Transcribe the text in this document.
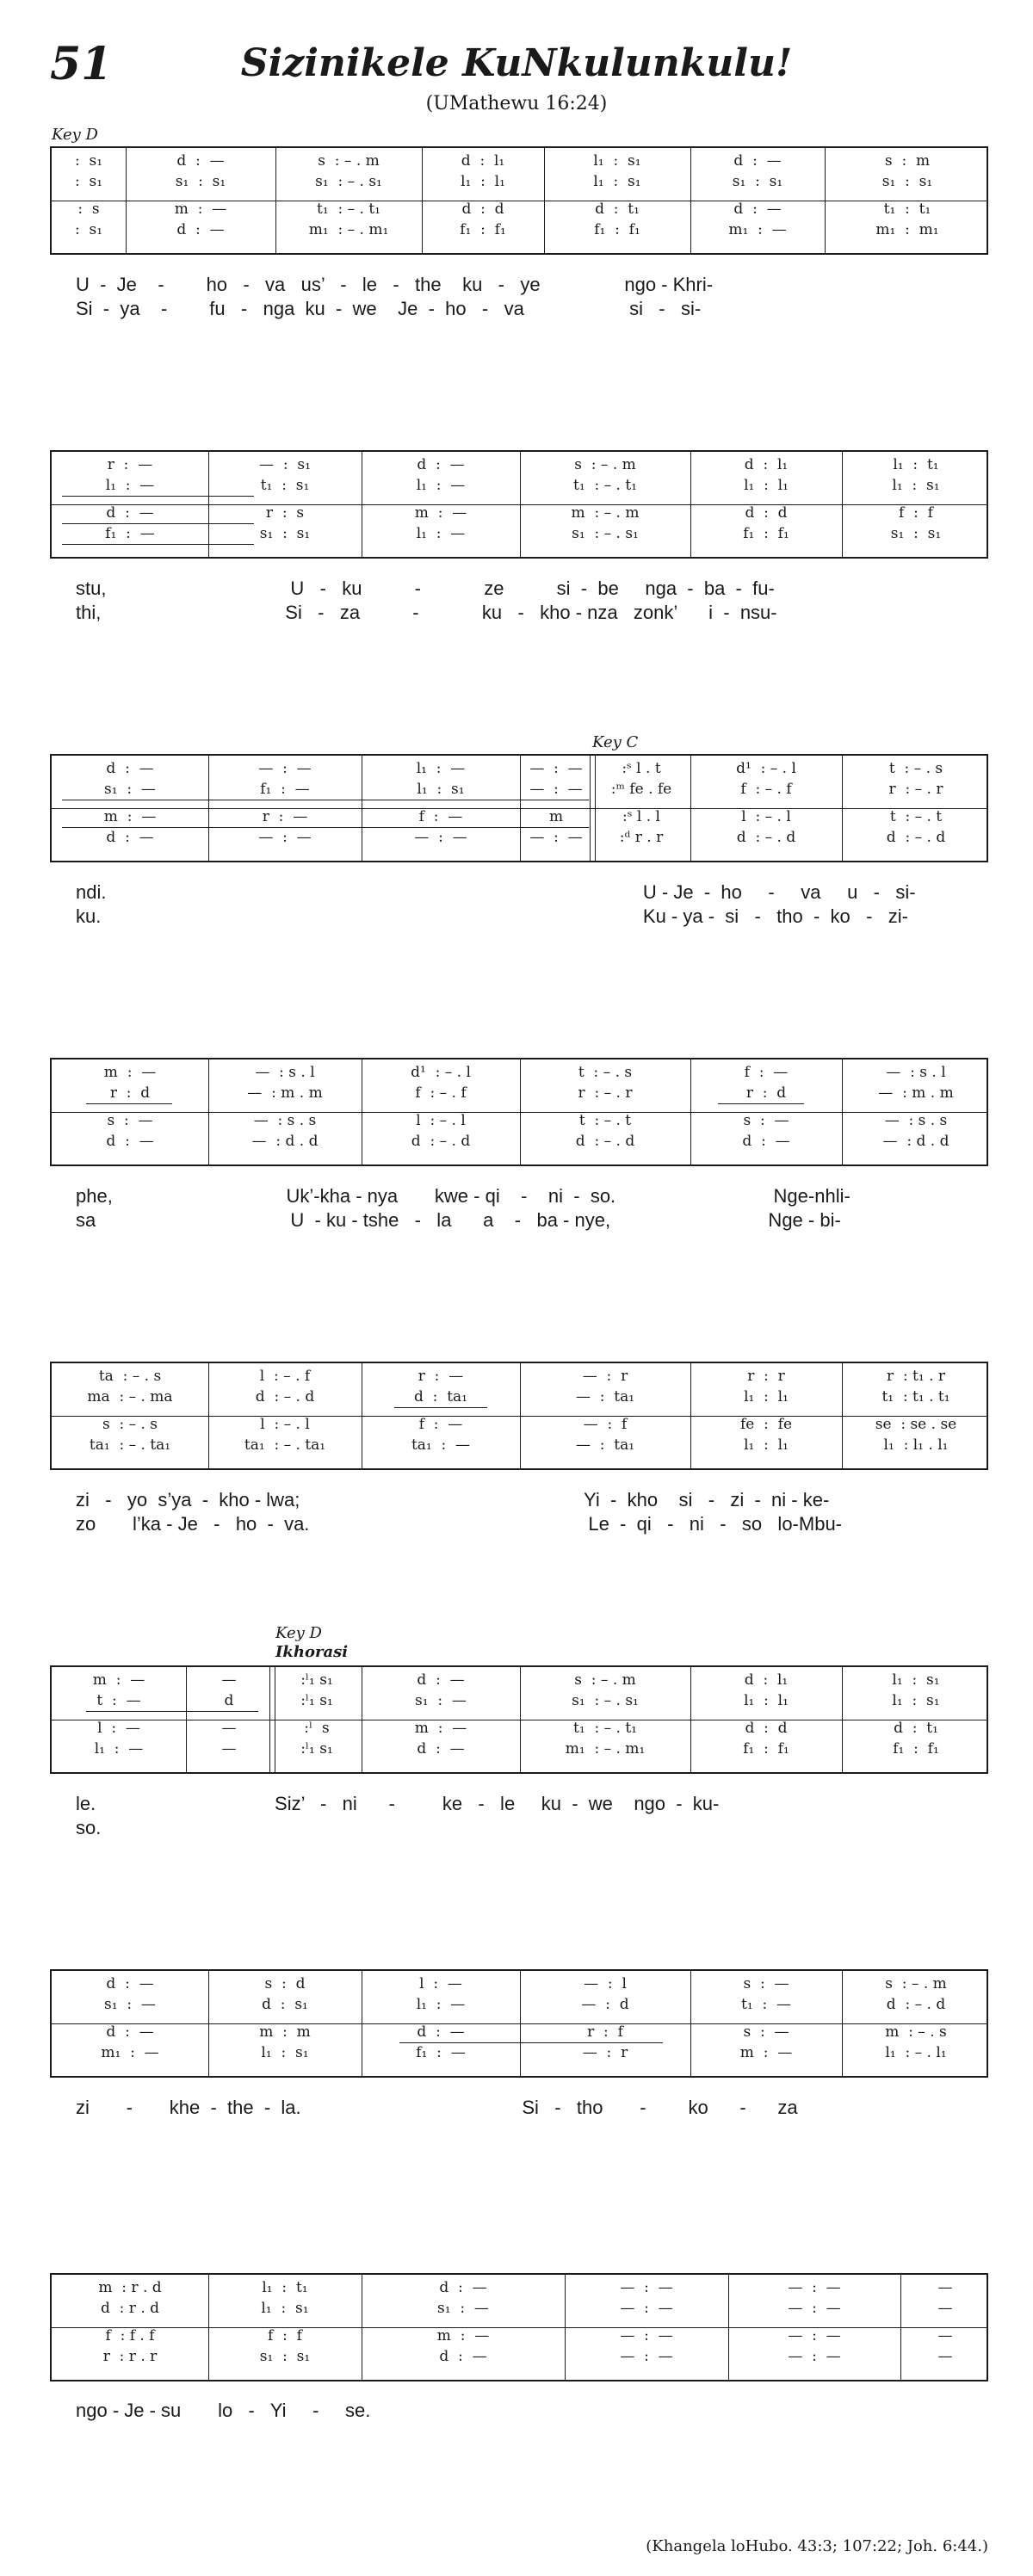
51	Sizinikele KuNkulunkulu!
(UMathewu 16:24)
:  s₁	d  :  —	s  : – . m	d  :  l₁	l₁  :  s₁	d  :  —	s  :  m
:  s₁	s₁  :  s₁	s₁  : – . s₁	l₁  :  l₁	l₁  :  s₁	s₁  :  s₁	s₁  :  s₁
:  s	m  :  —	t₁  : – . t₁	d  :  d	d  :  t₁	d  :  —	t₁  :  t₁
:  s₁	d  :  —	m₁  : – . m₁	f₁  :  f₁	f₁  :  f₁	m₁  :  —	m₁  :  m₁
U  -  Je    -        ho   -   va   us’   -   le   -   the    ku   -   ye                ngo - Khri-
Si  -  ya    -        fu   -   nga  ku  -  we    Je  -  ho   -   va                    si   -   si-
r  :  —	—  :  s₁	d  :  —	s  : – . m	d  :  l₁	l₁  :  t₁
l₁  :  —	t₁  :  s₁	l₁  :  —	t₁  : – . t₁	l₁  :  l₁	l₁  :  s₁
d  :  —	r  :  s	m  :  —	m  : – . m	d  :  d	f  :  f
f₁  :  —	s₁  :  s₁	l₁  :  —	s₁  : – . s₁	f₁  :  f₁	s₁  :  s₁
stu,                                   U   -   ku          -            ze          si  -  be     nga  -  ba  -  fu-
thi,                                   Si   -   za          -            ku   -   kho - nza   zonk’      i  -  nsu-
d  :  —	—  :  —	l₁  :  —	—  :  —	:ˢ l . t	d¹  : – . l	t  : – . s
s₁  :  —	f₁  :  —	l₁  :  s₁	—  :  —	:ᵐ fe . fe	f  : – . f	r  : – . r
m  :  —	r  :  —	f  :  —	m	:ˢ l . l	l  : – . l	t  : – . t
d  :  —	—  :  —	—  :  —	—  :  —	:ᵈ r . r	d  : – . d	d  : – . d
ndi.                                                                                                      U - Je  -  ho     -     va     u   -   si-
ku.                                                                                                       Ku - ya -  si   -   tho  -  ko   -   zi-
m  :  —	—  : s . l	d¹  : – . l	t  : – . s	f  :  —	—  : s . l
r  :  d	—  : m . m	f  : – . f	r  : – . r	r  :  d	—  : m . m
s  :  —	—  : s . s	l  : – . l	t  : – . t	s  :  —	—  : s . s
d  :  —	—  : d . d	d  : – . d	d  : – . d	d  :  —	—  : d . d
phe,                                 Uk’-kha - nya       kwe - qi    -    ni  -  so.                              Nge-nhli-
sa                                     U  - ku - tshe   -   la      a    -   ba - nye,                              Nge - bi-
ta  : – . s	l  : – . f	r  :  —	—  :  r	r  :  r	r  : t₁ . r
ma  : – . ma	d  : – . d	d  :  ta₁	—  :  ta₁	l₁  :  l₁	t₁  : t₁ . t₁
s  : – . s	l  : – . l	f  :  —	—  :  f	fe  :  fe	se  : se . se
ta₁  : – . ta₁	ta₁  : – . ta₁	ta₁  :  —	—  :  ta₁	l₁  :  l₁	l₁  : l₁ . l₁
zi   -   yo  s’ya  -  kho - lwa;                                                      Yi  -  kho    si   -   zi  -  ni - ke-
zo       l’ka - Je   -   ho  -  va.                                                     Le  -  qi   -   ni   -   so   lo-Mbu-
m  :  —	—	:ˡ₁ s₁	d  :  —	s  : – . m	d  :  l₁	l₁  :  s₁
t  :  —	d	:ˡ₁ s₁	s₁  :  —	s₁  : – . s₁	l₁  :  l₁	l₁  :  s₁
l  :  —	—	:ˡ  s	m  :  —	t₁  : – . t₁	d  :  d	d  :  t₁
l₁  :  —	—	:ˡ₁ s₁	d  :  —	m₁  : – . m₁	f₁  :  f₁	f₁  :  f₁
le.                                  Siz’   -   ni      -         ke   -   le     ku  -  we    ngo  -  ku-
so.
d  :  —	s  :  d	l  :  —	—  :  l	s  :  —	s  : – . m
s₁  :  —	d  :  s₁	l₁  :  —	—  :  d	t₁  :  —	d  : – . d
d  :  —	m  :  m	d  :  —	r  :  f	s  :  —	m  : – . s
m₁  :  —	l₁  :  s₁	f₁  :  —	—  :  r	m  :  —	l₁  : – . l₁
zi       -       khe  -  the  -  la.                                          Si   -   tho       -        ko      -      za
m  : r . d	l₁  :  t₁	d  :  —	—  :  —	—  :  —	—
d  : r . d	l₁  :  s₁	s₁  :  —	—  :  —	—  :  —	—
f  : f . f	f  :  f	m  :  —	—  :  —	—  :  —	—
r  : r . r	s₁  :  s₁	d  :  —	—  :  —	—  :  —	—
ngo - Je - su       lo   -   Yi     -     se.
Key D
Key C
Key D
Ikhorasi
(Khangela loHubo. 43:3; 107:22; Joh. 6:44.)
